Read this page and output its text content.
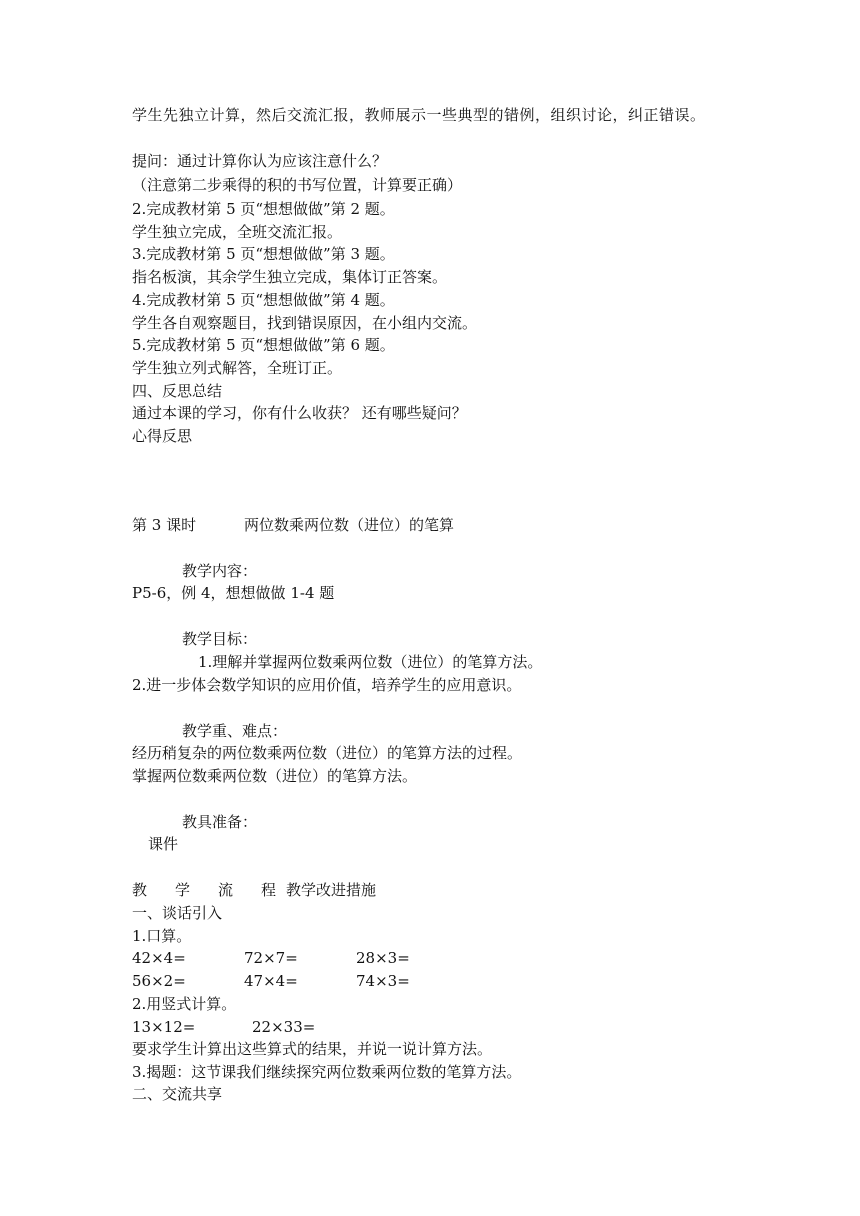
学生先独立计算，然后交流汇报，教师展示一些典型的错例，组织讨论，纠正错误。
提问：通过计算你认为应该注意什么？
（注意第二步乘得的积的书写位置，计算要正确）
2.完成教材第 5 页“想想做做”第 2 题。
学生独立完成，全班交流汇报。
3.完成教材第 5 页“想想做做”第 3 题。
指名板演，其余学生独立完成，集体订正答案。
4.完成教材第 5 页“想想做做”第 4 题。
学生各自观察题目，找到错误原因，在小组内交流。
5.完成教材第 5 页“想想做做”第 6 题。
学生独立列式解答，全班订正。
四、反思总结
通过本课的学习，你有什么收获？ 还有哪些疑问？
心得反思
第 3 课时	两位数乘两位数（进位）的笔算
教学内容：
P5-6，例 4，想想做做 1-4 题
教学目标：
1.理解并掌握两位数乘两位数（进位）的笔算方法。
2.进一步体会数学知识的应用价值，培养学生的应用意识。
教学重、难点：
经历稍复杂的两位数乘两位数（进位）的笔算方法的过程。
掌握两位数乘两位数（进位）的笔算方法。
教具准备：
课件
教 学 流 程 教学改进措施
一、谈话引入
1.口算。
42×4=	72×7=	28×3=
56×2=	47×4=	74×3=
2.用竖式计算。
13×12=	22×33=
要求学生计算出这些算式的结果，并说一说计算方法。
3.揭题：这节课我们继续探究两位数乘两位数的笔算方法。
二、交流共享
